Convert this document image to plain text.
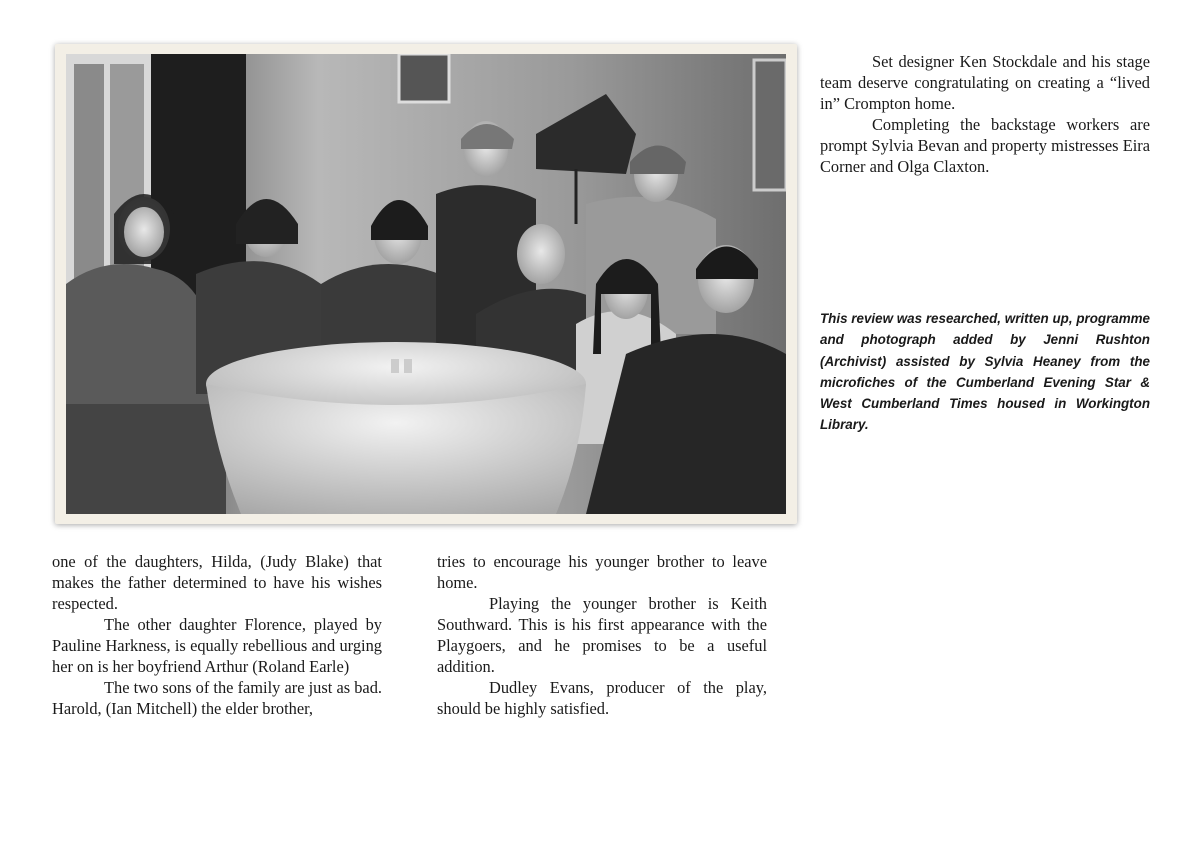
Set designer Ken Stockdale and his stage team deserve congratulating on creating a “lived in” Crompton home.

Completing the backstage workers are prompt Sylvia Bevan and property mistresses Eira Corner and Olga Claxton.

This review was researched, written up, programme and photograph added by Jenni Rushton (Archivist) assisted by Sylvia Heaney from the microfiches of the Cumberland Evening Star & West Cumberland Times housed in Workington Library.

one of the daughters, Hilda, (Judy Blake) that makes the father determined to have his wishes respected.

The other daughter Florence, played by Pauline Harkness, is equally rebellious and urging her on is her boyfriend Arthur (Roland Earle)

The two sons of the family are just as bad. Harold, (Ian Mitchell) the elder brother,

tries to encourage his younger brother to leave home.

Playing the younger brother is Keith Southward. This is his first appearance with the Playgoers, and he promises to be a useful addition.

Dudley Evans, producer of the play, should be highly satisfied.
